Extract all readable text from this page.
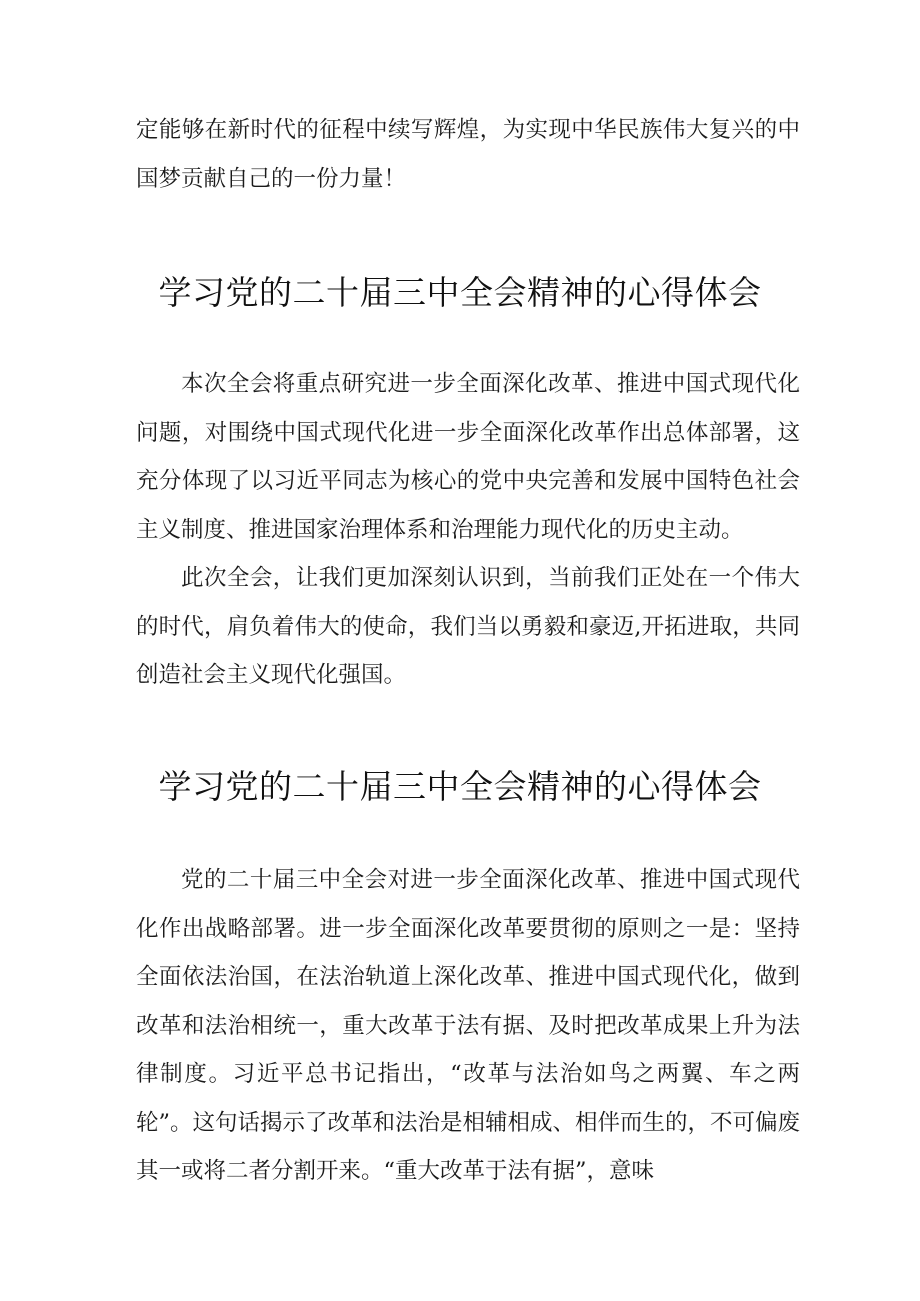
定能够在新时代的征程中续写辉煌，为实现中华民族伟大复兴的中国梦贡献自己的一份力量！

学习党的二十届三中全会精神的心得体会

本次全会将重点研究进一步全面深化改革、推进中国式现代化问题，对围绕中国式现代化进一步全面深化改革作出总体部署，这充分体现了以习近平同志为核心的党中央完善和发展中国特色社会主义制度、推进国家治理体系和治理能力现代化的历史主动。

此次全会，让我们更加深刻认识到，当前我们正处在一个伟大的时代，肩负着伟大的使命，我们当以勇毅和豪迈,开拓进取，共同创造社会主义现代化强国。

学习党的二十届三中全会精神的心得体会

党的二十届三中全会对进一步全面深化改革、推进中国式现代化作出战略部署。进一步全面深化改革要贯彻的原则之一是：坚持全面依法治国，在法治轨道上深化改革、推进中国式现代化，做到改革和法治相统一，重大改革于法有据、及时把改革成果上升为法律制度。习近平总书记指出，“改革与法治如鸟之两翼、车之两轮”。这句话揭示了改革和法治是相辅相成、相伴而生的，不可偏废其一或将二者分割开来。“重大改革于法有据”，意味
